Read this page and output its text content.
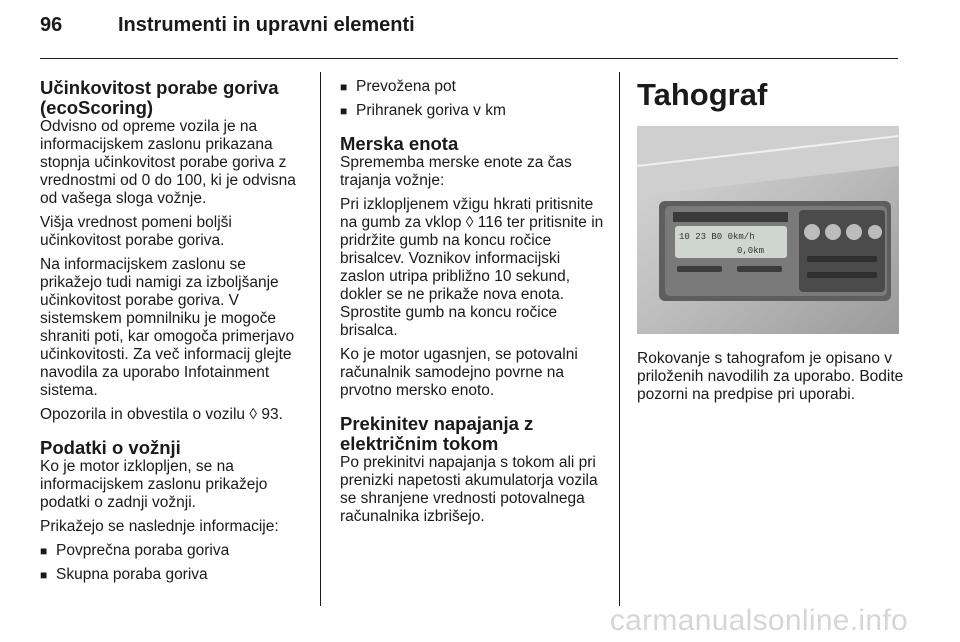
96	Instrumenti in upravni elementi
Učinkovitost porabe goriva (ecoScoring)

Odvisno od opreme vozila je na informacijskem zaslonu prikazana stopnja učinkovitost porabe goriva z vrednostmi od 0 do 100, ki je odvisna od vašega sloga vožnje.

Višja vrednost pomeni boljši učinkovitost porabe goriva.

Na informacijskem zaslonu se prikažejo tudi namigi za izboljšanje učinkovitost porabe goriva. V sistemskem pomnilniku je mogoče shraniti poti, kar omogoča primerjavo učinkovitosti. Za več informacij glejte navodila za uporabo Infotainment sistema.

Opozorila in obvestila o vozilu ◊ 93.

Podatki o vožnji

Ko je motor izklopljen, se na informacijskem zaslonu prikažejo podatki o zadnji vožnji.

Prikažejo se naslednje informacije:

■ Povprečna poraba goriva
■ Skupna poraba goriva
■ Prevožena pot
■ Prihranek goriva v km
Merska enota

Sprememba merske enote za čas trajanja vožnje:

Pri izklopljenem vžigu hkrati pritisnite na gumb za vklop ◊ 116 ter pritisnite in pridržite gumb na koncu ročice brisalcev. Voznikov informacijski zaslon utripa približno 10 sekund, dokler se ne prikaže nova enota. Sprostite gumb na koncu ročice brisalca.

Ko je motor ugasnjen, se potovalni računalnik samodejno povrne na prvotno mersko enoto.

Prekinitev napajanja z električnim tokom

Po prekinitvi napajanja s tokom ali pri prenizki napetosti akumulatorja vozila se shranjene vrednosti potovalnega računalnika izbrišejo.

Tahograf
10 23 B0 0km/h
0,0km

Rokovanje s tahografom je opisano v priloženih navodilih za uporabo. Bodite pozorni na predpise pri uporabi.

carmanualsonline.info
